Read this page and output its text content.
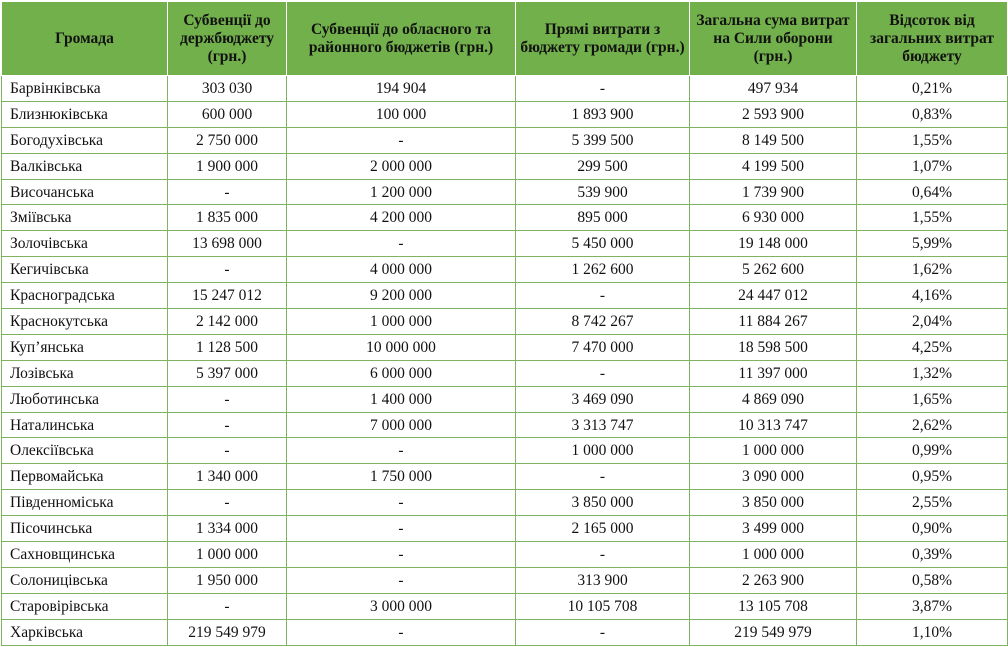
Громада	Субвенції до держбюджету (грн.)	Субвенції до обласного та районного бюджетів (грн.)	Прямі витрати з бюджету громади (грн.)	Загальна сума витрат на Сили оборони (грн.)	Відсоток від загальних витрат бюджету
Барвінківська	303 030	194 904	-	497 934	0,21%
Близнюківська	600 000	100 000	1 893 900	2 593 900	0,83%
Богодухівська	2 750 000	-	5 399 500	8 149 500	1,55%
Валківська	1 900 000	2 000 000	299 500	4 199 500	1,07%
Височанська	-	1 200 000	539 900	1 739 900	0,64%
Зміївська	1 835 000	4 200 000	895 000	6 930 000	1,55%
Золочівська	13 698 000	-	5 450 000	19 148 000	5,99%
Кегичівська	-	4 000 000	1 262 600	5 262 600	1,62%
Красноградська	15 247 012	9 200 000	-	24 447 012	4,16%
Краснокутська	2 142 000	1 000 000	8 742 267	11 884 267	2,04%
Куп’янська	1 128 500	10 000 000	7 470 000	18 598 500	4,25%
Лозівська	5 397 000	6 000 000	-	11 397 000	1,32%
Люботинська	-	1 400 000	3 469 090	4 869 090	1,65%
Наталинська	-	7 000 000	3 313 747	10 313 747	2,62%
Олексіївська	-	-	1 000 000	1 000 000	0,99%
Первомайська	1 340 000	1 750 000	-	3 090 000	0,95%
Південноміська	-	-	3 850 000	3 850 000	2,55%
Пісочинська	1 334 000	-	2 165 000	3 499 000	0,90%
Сахновщинська	1 000 000	-	-	1 000 000	0,39%
Солоницівська	1 950 000	-	313 900	2 263 900	0,58%
Старовірівська	-	3 000 000	10 105 708	13 105 708	3,87%
Харківська	219 549 979	-	-	219 549 979	1,10%
